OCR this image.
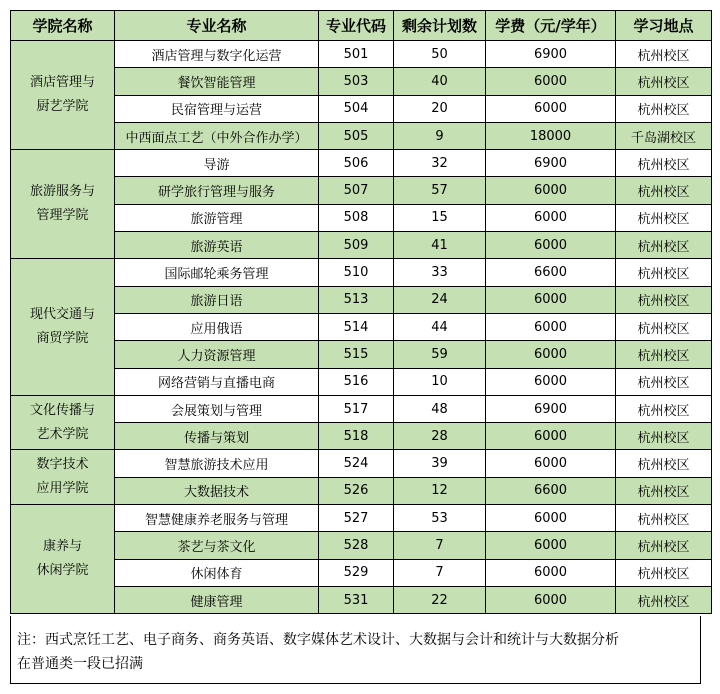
学院名称	专业名称	专业代码	剩余计划数	学费（元/学年）	学习地点

酒店管理与
厨艺学院	酒店管理与数字化运营	501	50	6900	杭州校区
	餐饮智能管理	503	40	6000	杭州校区
	民宿管理与运营	504	20	6000	杭州校区
	中西面点工艺（中外合作办学）	505	9	18000	千岛湖校区

旅游服务与
管理学院	导游	506	32	6900	杭州校区
	研学旅行管理与服务	507	57	6000	杭州校区
	旅游管理	508	15	6000	杭州校区
	旅游英语	509	41	6000	杭州校区

现代交通与
商贸学院	国际邮轮乘务管理	510	33	6600	杭州校区
	旅游日语	513	24	6000	杭州校区
	应用俄语	514	44	6000	杭州校区
	人力资源管理	515	59	6000	杭州校区
	网络营销与直播电商	516	10	6000	杭州校区

文化传播与
艺术学院	会展策划与管理	517	48	6900	杭州校区
	传播与策划	518	28	6000	杭州校区

数字技术
应用学院	智慧旅游技术应用	524	39	6000	杭州校区
	大数据技术	526	12	6600	杭州校区

康养与
休闲学院	智慧健康养老服务与管理	527	53	6000	杭州校区
	茶艺与茶文化	528	7	6000	杭州校区
	休闲体育	529	7	6000	杭州校区
	健康管理	531	22	6000	杭州校区
注：西式烹饪工艺、电子商务、商务英语、数字媒体艺术设计、大数据与会计和统计与大数据分析
在普通类一段已招满
